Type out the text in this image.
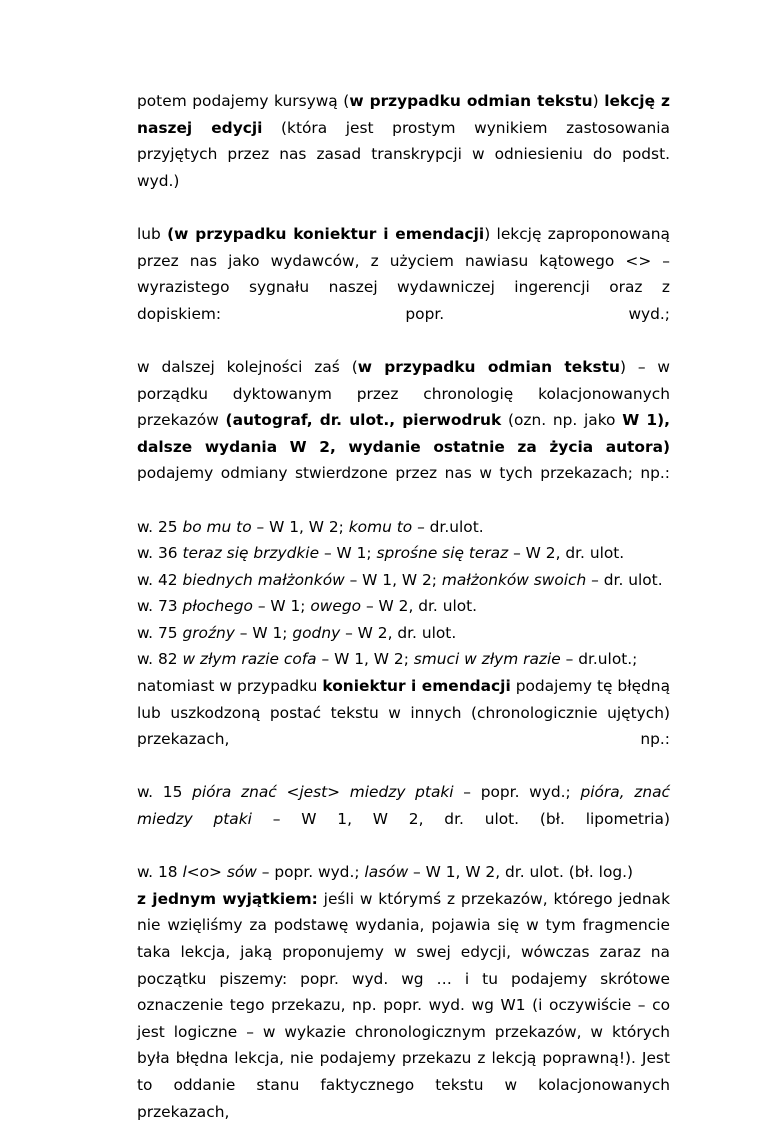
potem podajemy kursywą (w przypadku odmian tekstu) lekcję z naszej edycji (która jest prostym wynikiem zastosowania przyjętych przez nas zasad transkrypcji w odniesieniu do podst. wyd.)

lub (w przypadku koniektur i emendacji) lekcję zaproponowaną przez nas jako wydawców, z użyciem nawiasu kątowego <> – wyrazistego sygnału naszej wydawniczej ingerencji oraz z dopiskiem: popr. wyd.;

w dalszej kolejności zaś (w przypadku odmian tekstu) – w porządku dyktowanym przez chronologię kolacjonowanych przekazów (autograf, dr. ulot., pierwodruk (ozn. np. jako W 1), dalsze wydania W 2, wydanie ostatnie za życia autora) podajemy odmiany stwierdzone przez nas w tych przekazach; np.:

w. 25 bo mu to – W 1, W 2; komu to – dr.ulot.

w. 36 teraz się brzydkie – W 1; sprośne się teraz – W 2, dr. ulot.

w. 42 biednych małżonków – W 1, W 2; małżonków swoich – dr. ulot.

w. 73 płochego – W 1; owego – W 2, dr. ulot.

w. 75 groźny – W 1; godny – W 2, dr. ulot.

w. 82 w złym razie cofa – W 1, W 2; smuci w złym razie – dr.ulot.;

natomiast w przypadku koniektur i emendacji podajemy tę błędną lub uszkodzoną postać tekstu w innych (chronologicznie ujętych) przekazach, np.:

w. 15 pióra znać <jest> miedzy ptaki – popr. wyd.; pióra, znać miedzy ptaki – W 1, W 2, dr. ulot. (bł. lipometria)

w. 18 l<o> sów – popr. wyd.; lasów – W 1, W 2, dr. ulot. (bł. log.)

z jednym wyjątkiem: jeśli w którymś z przekazów, którego jednak nie wzięliśmy za podstawę wydania, pojawia się w tym fragmencie taka lekcja, jaką proponujemy w swej edycji, wówczas zaraz na początku piszemy: popr. wyd. wg … i tu podajemy skrótowe oznaczenie tego przekazu, np. popr. wyd. wg W1 (i oczywiście – co jest logiczne – w wykazie chronologicznym przekazów, w których była błędna lekcja, nie podajemy przekazu z lekcją poprawną!). Jest to oddanie stanu faktycznego tekstu w kolacjonowanych przekazach,
